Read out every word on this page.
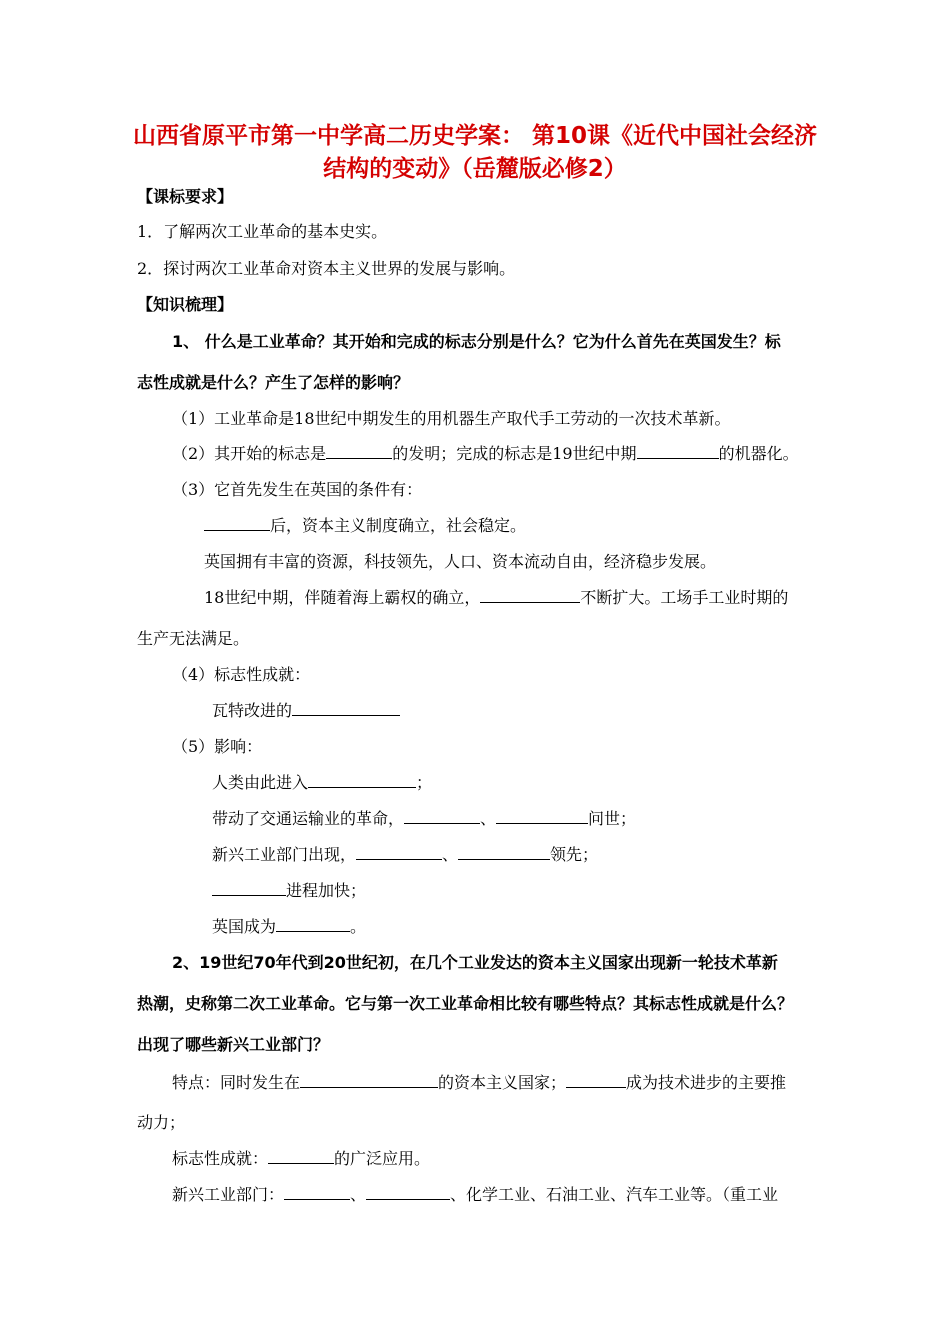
山西省原平市第一中学高二历史学案： 第10课《近代中国社会经济
结构的变动》（岳麓版必修2）
【课标要求】
1．了解两次工业革命的基本史实。
2．探讨两次工业革命对资本主义世界的发展与影响。
【知识梳理】
1、 什么是工业革命？其开始和完成的标志分别是什么？它为什么首先在英国发生？标
志性成就是什么？产生了怎样的影响？
（1）工业革命是18世纪中期发生的用机器生产取代手工劳动的一次技术革新。
（2）其开始的标志是	的发明；完成的标志是19世纪中期	的机器化。
（3）它首先发生在英国的条件有：
后，资本主义制度确立，社会稳定。
英国拥有丰富的资源，科技领先，人口、资本流动自由，经济稳步发展。
18世纪中期，伴随着海上霸权的确立，	不断扩大。工场手工业时期的
生产无法满足。
（4）标志性成就：
瓦特改进的
（5）影响：
人类由此进入	；
带动了交通运输业的革命，	、	问世；
新兴工业部门出现，	、	领先；
进程加快；
英国成为	。
2、19世纪70年代到20世纪初，在几个工业发达的资本主义国家出现新一轮技术革新
热潮，史称第二次工业革命。它与第一次工业革命相比较有哪些特点？其标志性成就是什么？
出现了哪些新兴工业部门？
特点：同时发生在	的资本主义国家；	成为技术进步的主要推
动力；
标志性成就：	的广泛应用。
新兴工业部门：	、	、化学工业、石油工业、汽车工业等。（重工业
